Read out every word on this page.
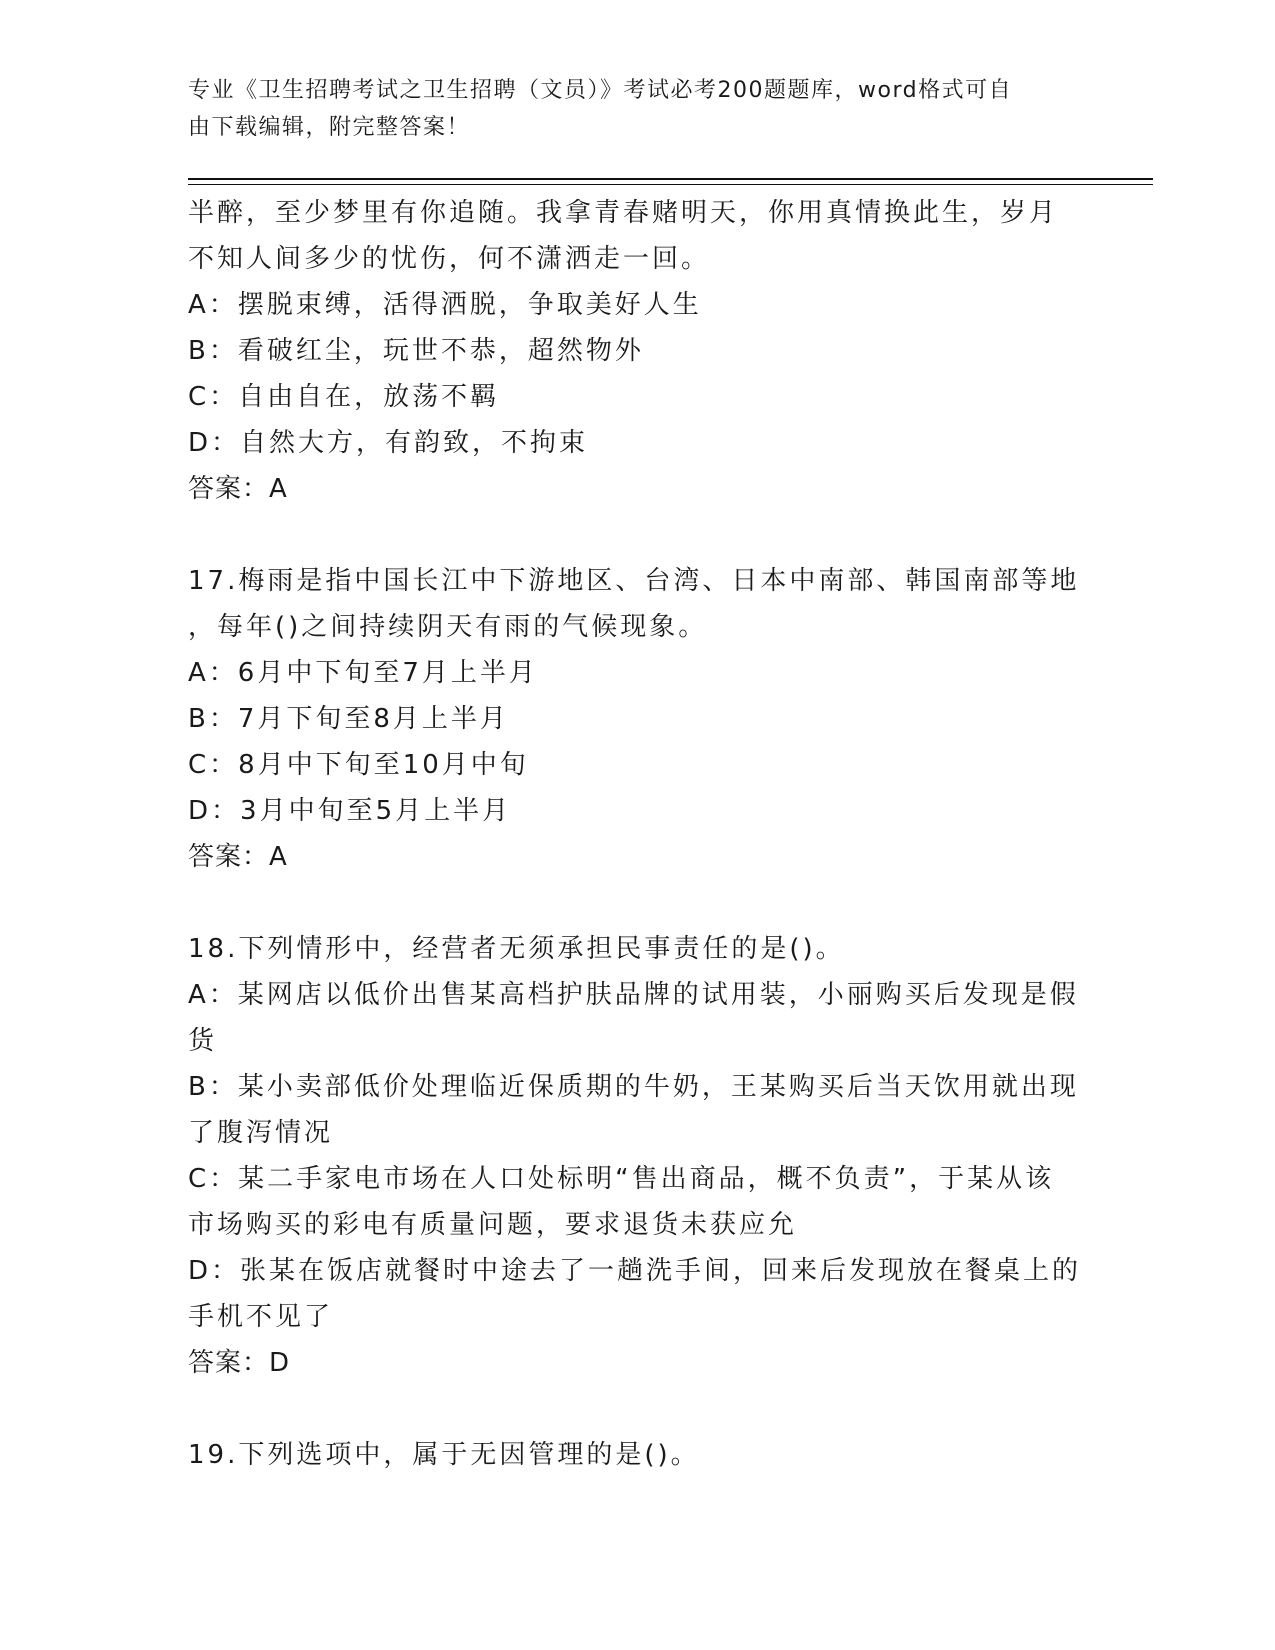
专业《卫生招聘考试之卫生招聘（文员）》考试必考200题题库，word格式可自
由下载编辑，附完整答案！
半醉，至少梦里有你追随。我拿青春赌明天，你用真情换此生，岁月
不知人间多少的忧伤，何不潇洒走一回。
A：摆脱束缚，活得洒脱，争取美好人生
B：看破红尘，玩世不恭，超然物外
C：自由自在，放荡不羁
D：自然大方，有韵致，不拘束
答案：A
17.梅雨是指中国长江中下游地区、台湾、日本中南部、韩国南部等地
，每年()之间持续阴天有雨的气候现象。
A：6月中下旬至7月上半月
B：7月下旬至8月上半月
C：8月中下旬至10月中旬
D：3月中旬至5月上半月
答案：A
18.下列情形中，经营者无须承担民事责任的是()。
A：某网店以低价出售某高档护肤品牌的试用装，小丽购买后发现是假
货
B：某小卖部低价处理临近保质期的牛奶，王某购买后当天饮用就出现
了腹泻情况
C：某二手家电市场在人口处标明“售出商品，概不负责”，于某从该
市场购买的彩电有质量问题，要求退货未获应允
D：张某在饭店就餐时中途去了一趟洗手间，回来后发现放在餐桌上的
手机不见了
答案：D
19.下列选项中，属于无因管理的是()。
